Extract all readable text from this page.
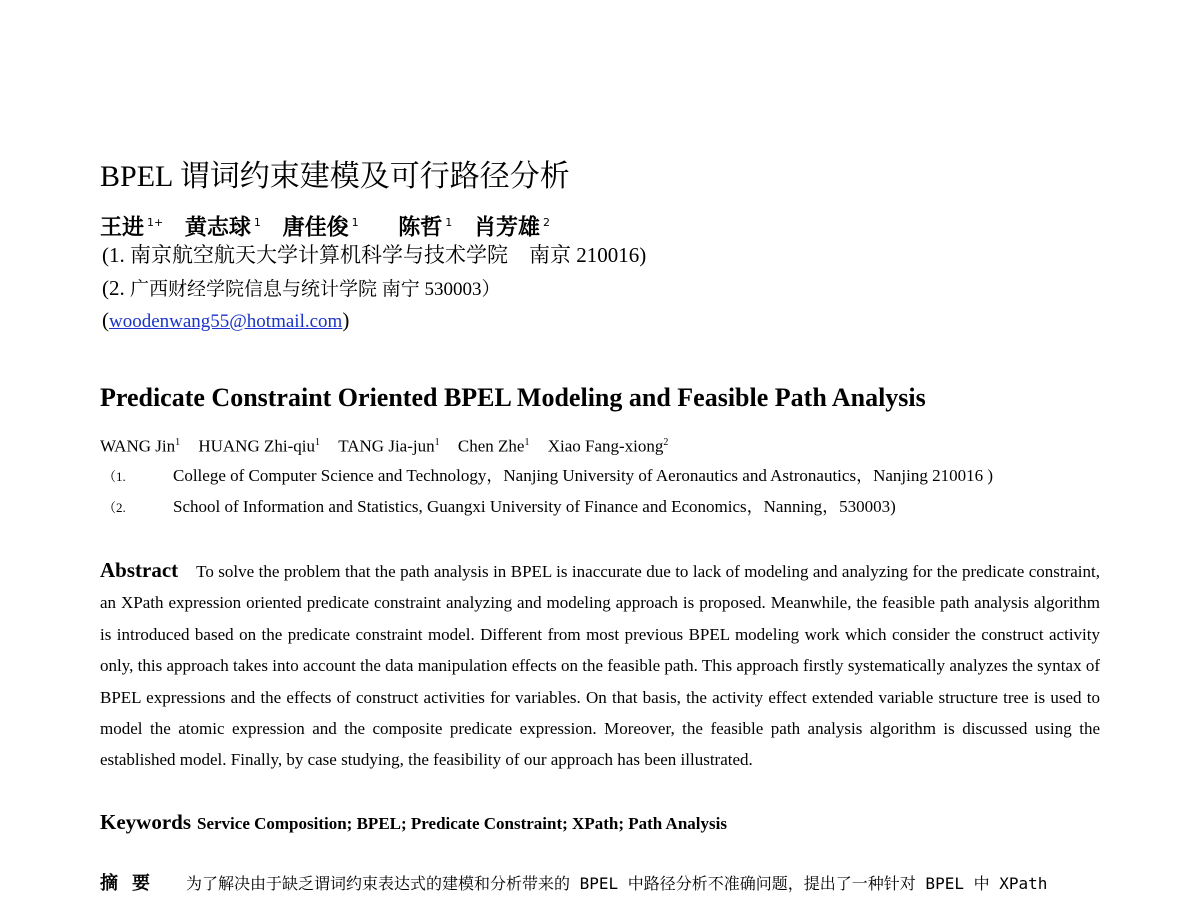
BPEL 谓词约束建模及可行路径分析
王进 $^{1+}$ 黄志球 $^1$ 唐佳俊 $^1$ 陈哲 $^1$ 肖芳雄 $^2$
(1. 南京航空航天大学计算机科学与技术学院　南京 210016)
(2. 广西财经学院信息与统计学院 南宁 530003）
(woodenwang55@hotmail.com)
Predicate Constraint Oriented BPEL Modeling and Feasible Path Analysis
WANG Jin$^1$ HUANG Zhi-qiu$^1$ TANG Jia-jun$^1$ Chen Zhe$^1$ Xiao Fang-xiong$^2$
（1.	College of Computer Science and Technology，Nanjing University of Aeronautics and Astronautics，Nanjing 210016 )
（2.	School of Information and Statistics, Guangxi University of Finance and Economics，Nanning，530003)
Abstract To solve the problem that the path analysis in BPEL is inaccurate due to lack of modeling and analyzing for the predicate constraint, an XPath expression oriented predicate constraint analyzing and modeling approach is proposed. Meanwhile, the feasible path analysis algorithm is introduced based on the predicate constraint model. Different from most previous BPEL modeling work which consider the construct activity only, this approach takes into account the data manipulation effects on the feasible path. This approach firstly systematically analyzes the syntax of BPEL expressions and the effects of construct activities for variables. On that basis, the activity effect extended variable structure tree is used to model the atomic expression and the composite predicate expression. Moreover, the feasible path analysis algorithm is discussed using the established model. Finally, by case studying, the feasibility of our approach has been illustrated.
Keywords Service Composition; BPEL; Predicate Constraint; XPath; Path Analysis
摘要 为了解决由于缺乏谓词约束表达式的建模和分析带来的 BPEL 中路径分析不准确问题，提出了一种针对 BPEL 中 XPath
